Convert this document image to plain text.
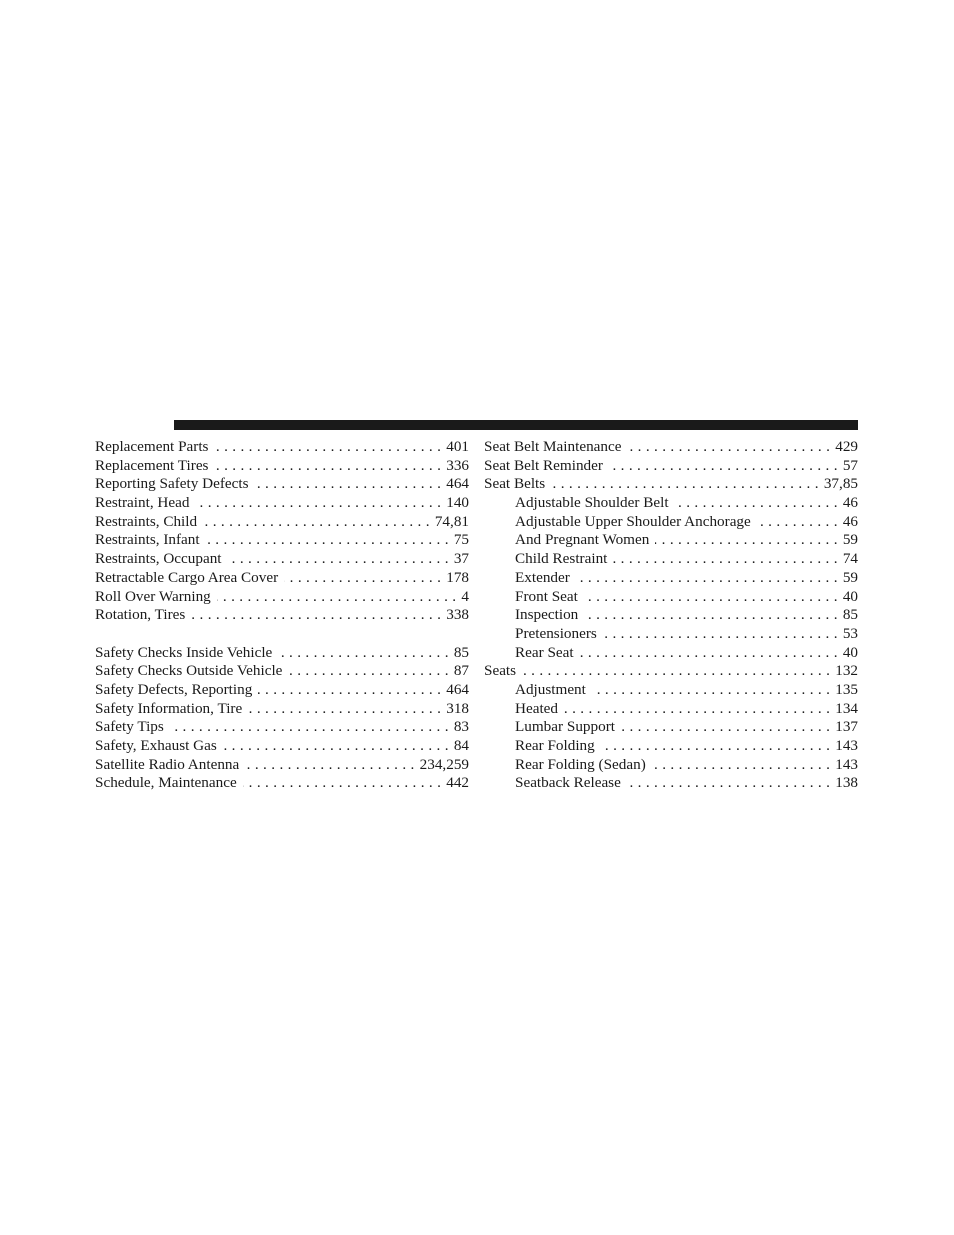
Replacement Parts . . .	401
Replacement Tires . . .	336
Reporting Safety Defects . . .	464
Restraint, Head . . .	140
Restraints, Child . . .	74,81
Restraints, Infant . . .	75
Restraints, Occupant . . .	37
Retractable Cargo Area Cover . . .	178
Roll Over Warning . . .	4
Rotation, Tires . . .	338
Safety Checks Inside Vehicle . . .	85
Safety Checks Outside Vehicle . . .	87
Safety Defects, Reporting . . .	464
Safety Information, Tire . . .	318
Safety Tips . . .	83
Safety, Exhaust Gas . . .	84
Satellite Radio Antenna . . .	234,259
Schedule, Maintenance . . .	442
Seat Belt Maintenance . . .	429
Seat Belt Reminder . . .	57
Seat Belts . . .	37,85
Adjustable Shoulder Belt . . .	46
Adjustable Upper Shoulder Anchorage . . .	46
And Pregnant Women . . .	59
Child Restraint . . .	74
Extender . . .	59
Front Seat . . .	40
Inspection . . .	85
Pretensioners . . .	53
Rear Seat . . .	40
Seats . . .	132
Adjustment . . .	135
Heated . . .	134
Lumbar Support . . .	137
Rear Folding . . .	143
Rear Folding (Sedan) . . .	143
Seatback Release . . .	138
